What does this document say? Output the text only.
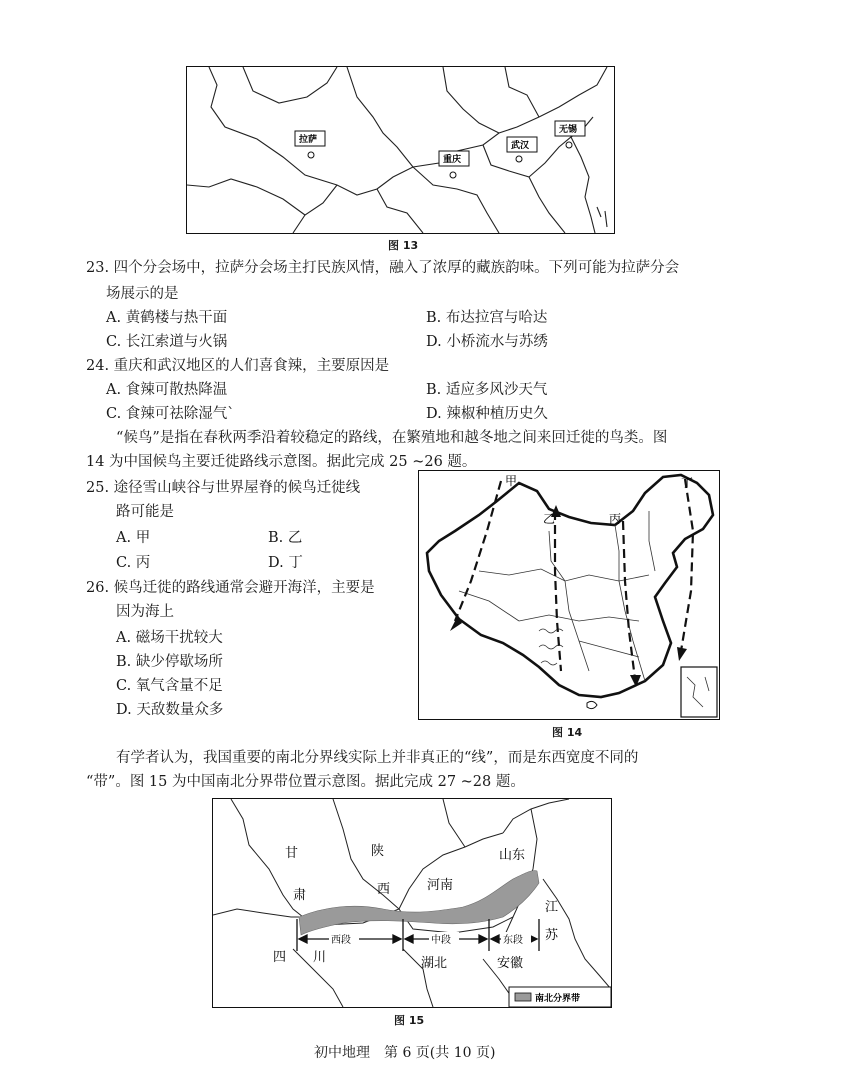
拉萨
重庆
武汉
无锡
图 13
23. 四个分会场中，拉萨分会场主打民族风情，融入了浓厚的藏族韵味。下列可能为拉萨分会
场展示的是
A. 黄鹤楼与热干面	B. 布达拉宫与哈达
C. 长江索道与火锅	D. 小桥流水与苏绣
24. 重庆和武汉地区的人们喜食辣，主要原因是
A. 食辣可散热降温	B. 适应多风沙天气
C. 食辣可祛除湿气`	D. 辣椒种植历史久
“候鸟”是指在春秋两季沿着较稳定的路线，在繁殖地和越冬地之间来回迁徙的鸟类。图
14 为中国候鸟主要迁徙路线示意图。据此完成 25 ~26 题。
25. 途径雪山峡谷与世界屋脊的候鸟迁徙线
路可能是
A. 甲	B. 乙
C. 丙	D. 丁
26. 候鸟迁徙的路线通常会避开海洋，主要是
因为海上
A. 磁场干扰较大
B. 缺少停歇场所
C. 氧气含量不足
D. 天敌数量众多
甲
乙	丙
丁
图 14
有学者认为，我国重要的南北分界线实际上并非真正的“线”，而是东西宽度不同的
“带”。图 15 为中国南北分界带位置示意图。据此完成 27 ~28 题。
西段	中段	东段
甘
肃
陕
西	河南
山东
江
苏
四 川	湖北	安徽
南北分界带
图 15
初中地理　第 6 页(共 10 页)
